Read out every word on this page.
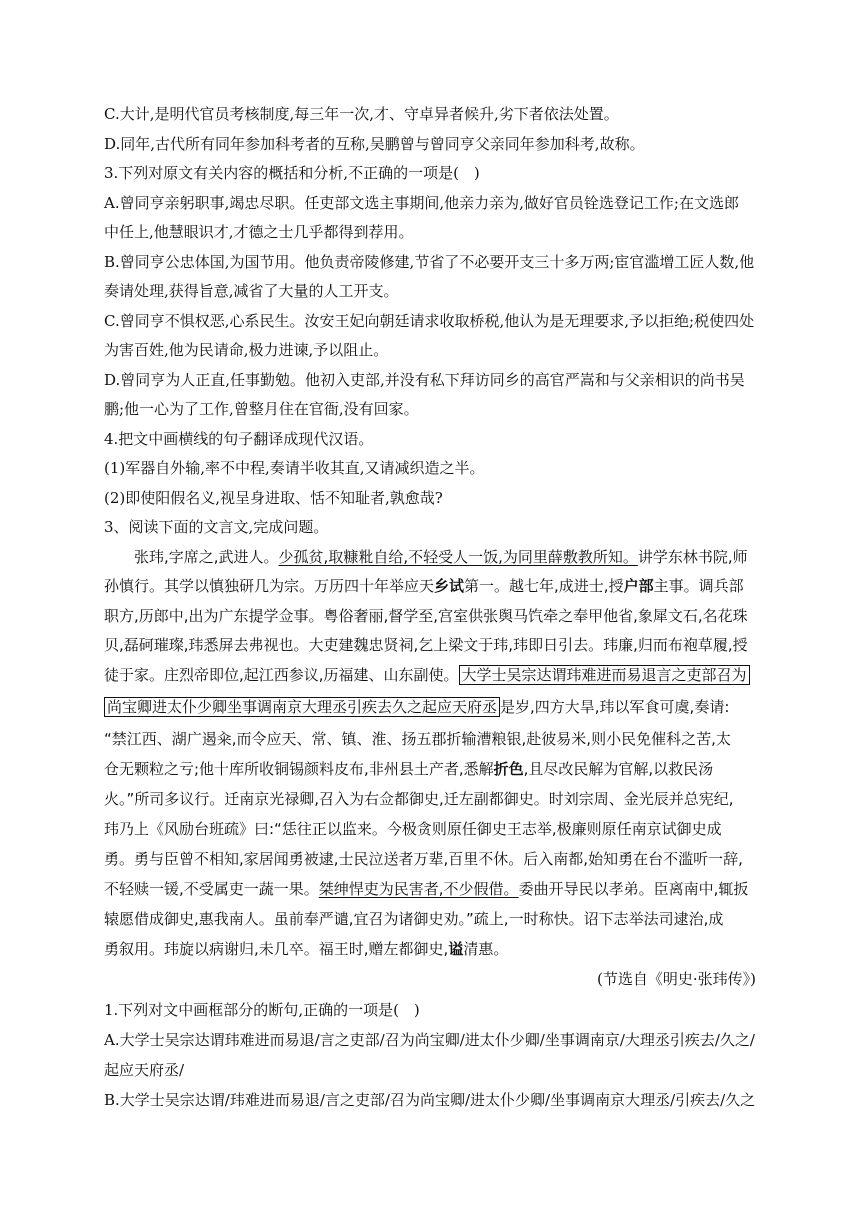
C.大计,是明代官员考核制度,每三年一次,才、守卓异者候升,劣下者依法处置。
D.同年,古代所有同年参加科考者的互称,吴鹏曾与曾同亨父亲同年参加科考,故称。
3.下列对原文有关内容的概括和分析,不正确的一项是(　)
A.曾同亨亲躬职事,竭忠尽职。任吏部文选主事期间,他亲力亲为,做好官员铨选登记工作;在文选郎
中任上,他慧眼识才,才德之士几乎都得到荐用。
B.曾同亨公忠体国,为国节用。他负责帝陵修建,节省了不必要开支三十多万两;宦官滥增工匠人数,他
奏请处理,获得旨意,减省了大量的人工开支。
C.曾同亨不惧权恶,心系民生。汝安王妃向朝廷请求收取桥税,他认为是无理要求,予以拒绝;税使四处
为害百姓,他为民请命,极力进谏,予以阻止。
D.曾同亨为人正直,任事勤勉。他初入吏部,并没有私下拜访同乡的高官严嵩和与父亲相识的尚书吴
鹏;他一心为了工作,曾整月住在官衙,没有回家。
4.把文中画横线的句子翻译成现代汉语。
(1)军器自外输,率不中程,奏请半收其直,又请减织造之半。
(2)即使阳假名义,视呈身进取、恬不知耻者,孰愈哉?
3、阅读下面的文言文,完成问题。
张玮,字席之,武进人。少孤贫,取糠粃自给,不轻受人一饭,为同里薛敷教所知。讲学东林书院,师
孙慎行。其学以慎独研几为宗。万历四十年举应天乡试第一。越七年,成进士,授户部主事。调兵部
职方,历郎中,出为广东提学佥事。粤俗奢丽,督学至,宫室供张舆马饩牵之奉甲他省,象犀文石,名花珠
贝,磊砢璀璨,玮悉屏去弗视也。大吏建魏忠贤祠,乞上梁文于玮,玮即日引去。玮廉,归而布袍草履,授
徒于家。庄烈帝即位,起江西参议,历福建、山东副使。 大学士吴宗达谓玮难进而易退言之吏部召为
尚宝卿进太仆少卿坐事调南京大理丞引疾去久之起应天府丞 是岁,四方大旱,玮以军食可虞,奏请:
“禁江西、湖广遏籴,而令应天、常、镇、淮、扬五郡折输漕粮银,赴彼易米,则小民免催科之苦,太
仓无颗粒之亏;他十库所收铜锡颜料皮布,非州县土产者,悉解折色,且尽改民解为官解,以救民汤
火。”所司多议行。迁南京光禄卿,召入为右佥都御史,迁左副都御史。时刘宗周、金光辰并总宪纪,
玮乃上《风励台班疏》曰:“恁往正以监来。今极贪则原任御史王志举,极廉则原任南京试御史成
勇。勇与臣曾不相知,家居闻勇被逮,士民泣送者万辈,百里不休。后入南都,始知勇在台不滥听一辞,
不轻赎一锾,不受属吏一蔬一果。桀绅悍吏为民害者,不少假借。委曲开导民以孝弟。臣离南中,辄扳
辕愿借成御史,惠我南人。虽前奉严谴,宜召为诸御史劝。”疏上,一时称快。诏下志举法司逮治,成
勇叙用。玮旋以病谢归,未几卒。福王时,赠左都御史,谥清惠。
(节选自《明史·张玮传》)
1.下列对文中画框部分的断句,正确的一项是(　)
A.大学士吴宗达谓玮难进而易退/言之吏部/召为尚宝卿/进太仆少卿/坐事调南京/大理丞引疾去/久之/
起应天府丞/
B.大学士吴宗达谓/玮难进而易退/言之吏部/召为尚宝卿/进太仆少卿/坐事调南京大理丞/引疾去/久之
